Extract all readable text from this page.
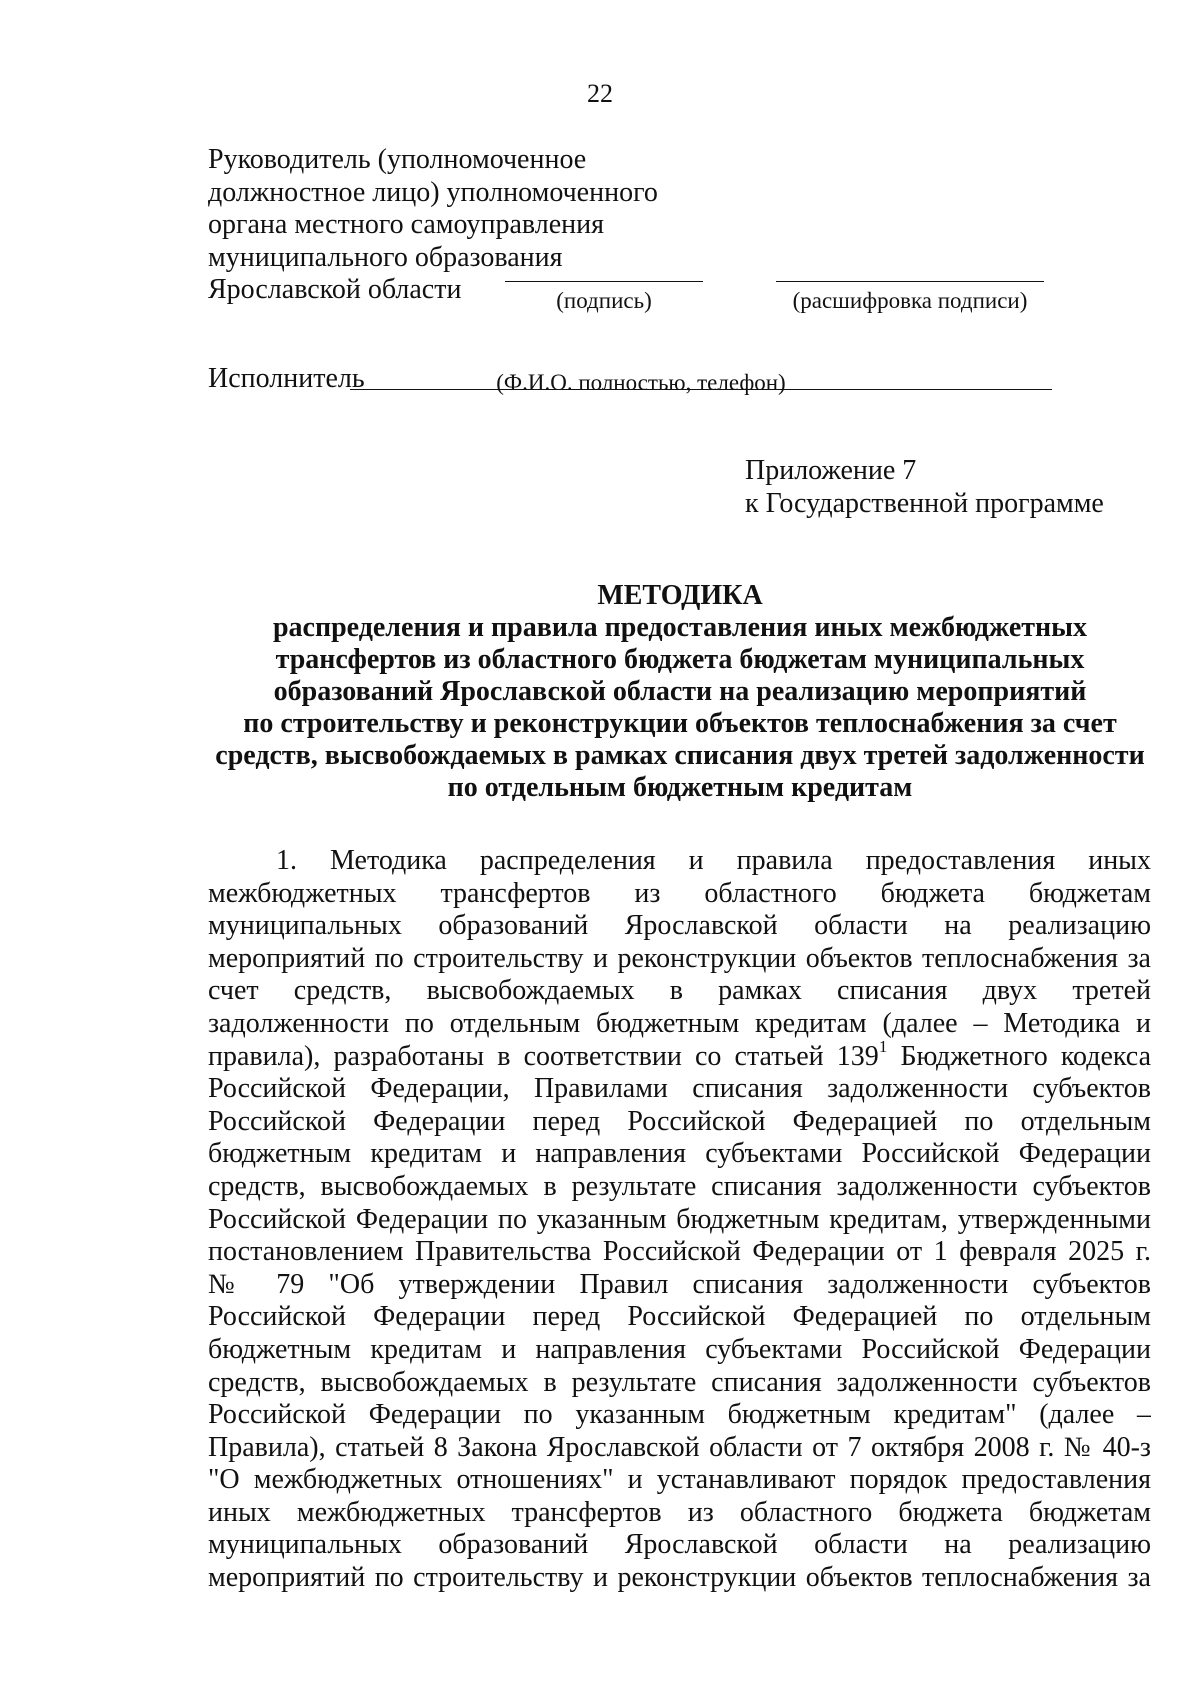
22
Руководитель (уполномоченное
должностное лицо) уполномоченного
органа местного самоуправления
муниципального образования
Ярославской области	(подпись)	(расшифровка подписи)
Исполнитель	(Ф.И.О. полностью, телефон)
Приложение 7
к Государственной программе
МЕТОДИКА
распределения и правила предоставления иных межбюджетных
трансфертов из областного бюджета бюджетам муниципальных
образований Ярославской области на реализацию мероприятий
по строительству и реконструкции объектов теплоснабжения за счет
средств, высвобождаемых в рамках списания двух третей задолженности
по отдельным бюджетным кредитам
1. Методика распределения и правила предоставления иных
межбюджетных трансфертов из областного бюджета бюджетам
муниципальных образований Ярославской области на реализацию
мероприятий по строительству и реконструкции объектов теплоснабжения за
счет средств, высвобождаемых в рамках списания двух третей
задолженности по отдельным бюджетным кредитам (далее – Методика и
правила), разработаны в соответствии со статьей $139^1$ Бюджетного кодекса
Российской Федерации, Правилами списания задолженности субъектов
Российской Федерации перед Российской Федерацией по отдельным
бюджетным кредитам и направления субъектами Российской Федерации
средств, высвобождаемых в результате списания задолженности субъектов
Российской Федерации по указанным бюджетным кредитам, утвержденными
постановлением Правительства Российской Федерации от 1 февраля 2025 г.
№ 79 "Об утверждении Правил списания задолженности субъектов
Российской Федерации перед Российской Федерацией по отдельным
бюджетным кредитам и направления субъектами Российской Федерации
средств, высвобождаемых в результате списания задолженности субъектов
Российской Федерации по указанным бюджетным кредитам" (далее –
Правила), статьей 8 Закона Ярославской области от 7 октября 2008 г. № 40-з
"О межбюджетных отношениях" и устанавливают порядок предоставления
иных межбюджетных трансфертов из областного бюджета бюджетам
муниципальных образований Ярославской области на реализацию
мероприятий по строительству и реконструкции объектов теплоснабжения за
